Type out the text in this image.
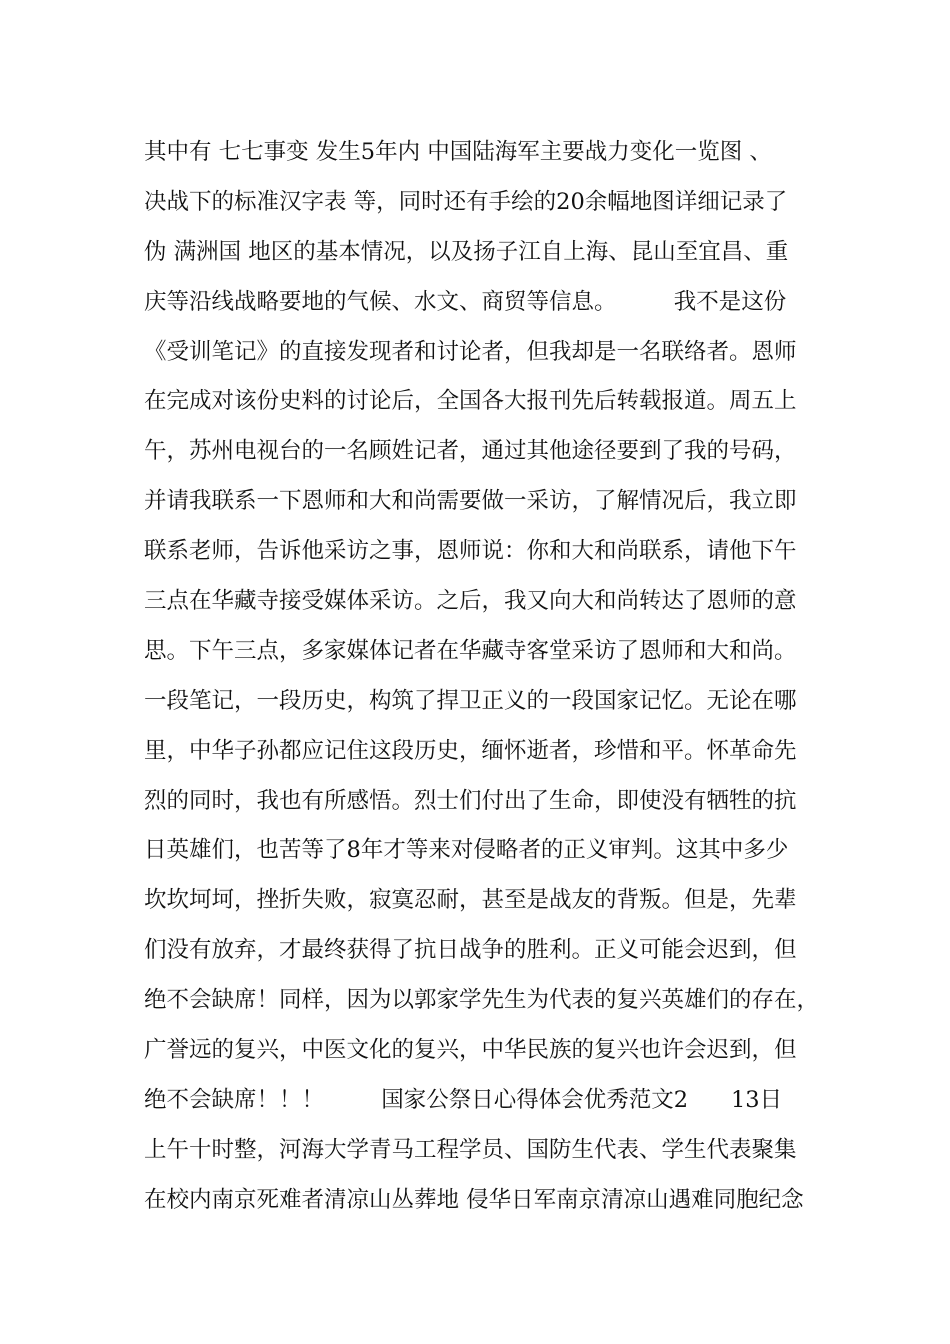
其中有 七七事变 发生5年内 中国陆海军主要战力变化一览图 、
决战下的标准汉字表 等，同时还有手绘的20余幅地图详细记录了
伪 满洲国 地区的基本情况，以及扬子江自上海、昆山至宜昌、重
庆等沿线战略要地的气候、水文、商贸等信息。        我不是这份
《受训笔记》的直接发现者和讨论者，但我却是一名联络者。恩师
在完成对该份史料的讨论后，全国各大报刊先后转载报道。周五上
午，苏州电视台的一名顾姓记者，通过其他途径要到了我的号码，
并请我联系一下恩师和大和尚需要做一采访，了解情况后，我立即
联系老师，告诉他采访之事，恩师说：你和大和尚联系，请他下午
三点在华藏寺接受媒体采访。之后，我又向大和尚转达了恩师的意
思。下午三点，多家媒体记者在华藏寺客堂采访了恩师和大和尚。
一段笔记，一段历史，构筑了捍卫正义的一段国家记忆。无论在哪
里，中华子孙都应记住这段历史，缅怀逝者，珍惜和平。怀革命先
烈的同时，我也有所感悟。烈士们付出了生命，即使没有牺牲的抗
日英雄们，也苦等了8年才等来对侵略者的正义审判。这其中多少
坎坎坷坷，挫折失败，寂寞忍耐，甚至是战友的背叛。但是，先辈
们没有放弃，才最终获得了抗日战争的胜利。正义可能会迟到，但
绝不会缺席！同样，因为以郭家学先生为代表的复兴英雄们的存在，
广誉远的复兴，中医文化的复兴，中华民族的复兴也许会迟到，但
绝不会缺席！！！        国家公祭日心得体会优秀范文2      13日
上午十时整，河海大学青马工程学员、国防生代表、学生代表聚集
在校内南京死难者清凉山丛葬地 侵华日军南京清凉山遇难同胞纪念
